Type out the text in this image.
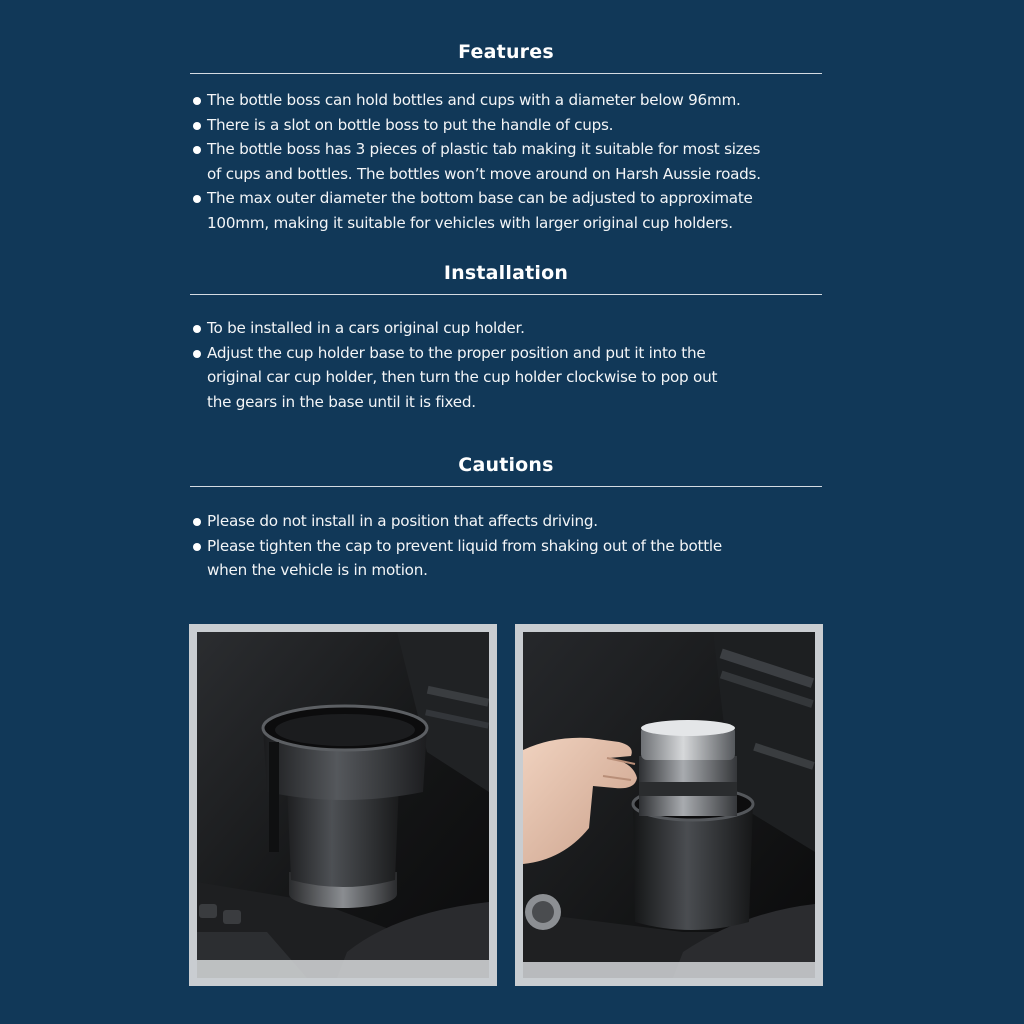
Features
The bottle boss can hold bottles and cups with a diameter below 96mm.
There is a slot on bottle boss to put the handle of cups.
The bottle boss has 3 pieces of plastic tab making it suitable for most sizes
of cups and bottles. The bottles won’t move around on Harsh Aussie roads.
The max outer diameter the bottom base can be adjusted to approximate
100mm, making it suitable for vehicles with larger original cup holders.
Installation
To be installed in a cars original cup holder.
Adjust the cup holder base to the proper position and put it into the
original car cup holder, then turn the cup holder clockwise to pop out
the gears in the base until it is fixed.
Cautions
Please do not install in a position that affects driving.
Please tighten the cap to prevent liquid from shaking out of the bottle
when the vehicle is in motion.
